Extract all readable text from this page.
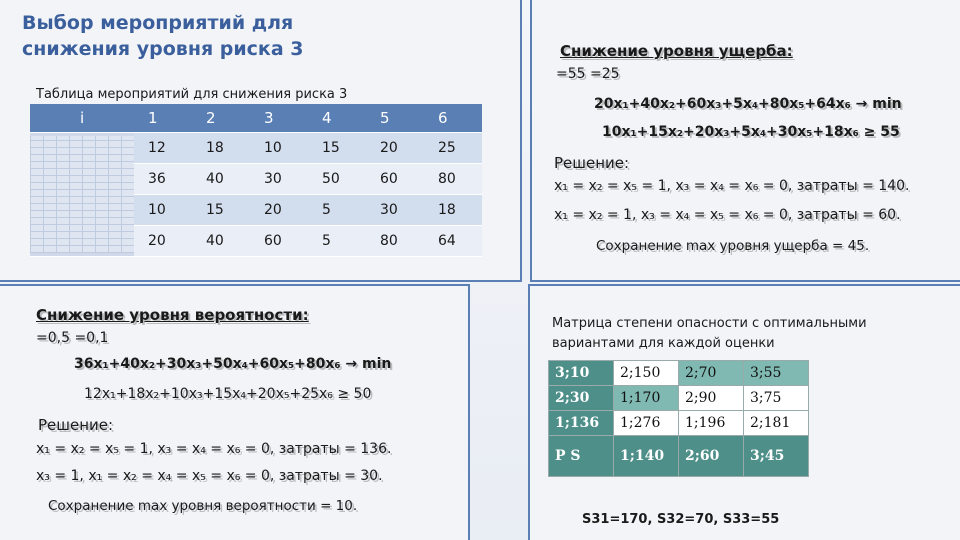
Выбор мероприятий для снижения уровня риска 3
Таблица мероприятий для снижения риска 3
i	1	2	3	4	5	6

	12	18	10	15	20	25
	36	40	30	50	60	80
	10	15	20	5	30	18
	20	40	60	5	80	64
Снижение уровня ущерба:
=55 =25
20x₁+40x₂+60x₃+5x₄+80x₅+64x₆ → min
10x₁+15x₂+20x₃+5x₄+30x₅+18x₆ ≥ 55
Решение:
x₁ = x₂ = x₅ = 1, x₃ = x₄ = x₆ = 0, затраты = 140.
x₁ = x₂ = 1, x₃ = x₄ = x₅ = x₆ = 0, затраты = 60.
Сохранение max уровня ущерба = 45.
Снижение уровня вероятности:
=0,5 =0,1
36x₁+40x₂+30x₃+50x₄+60x₅+80x₆ → min
12x₁+18x₂+10x₃+15x₄+20x₅+25x₆ ≥ 50
Решение:
x₁ = x₂ = x₅ = 1, x₃ = x₄ = x₆ = 0, затраты = 136.
x₃ = 1, x₁ = x₂ = x₄ = x₅ = x₆ = 0, затраты = 30.
Сохранение max уровня вероятности = 10.
Матрица степени опасности с оптимальными вариантами для каждой оценки
S31=170, S32=70, S33=55
3;10	2;150	2;70	3;55
2;30	1;170	2;90	3;75
1;136	1;276	1;196	2;181
P S	1;140	2;60	3;45
